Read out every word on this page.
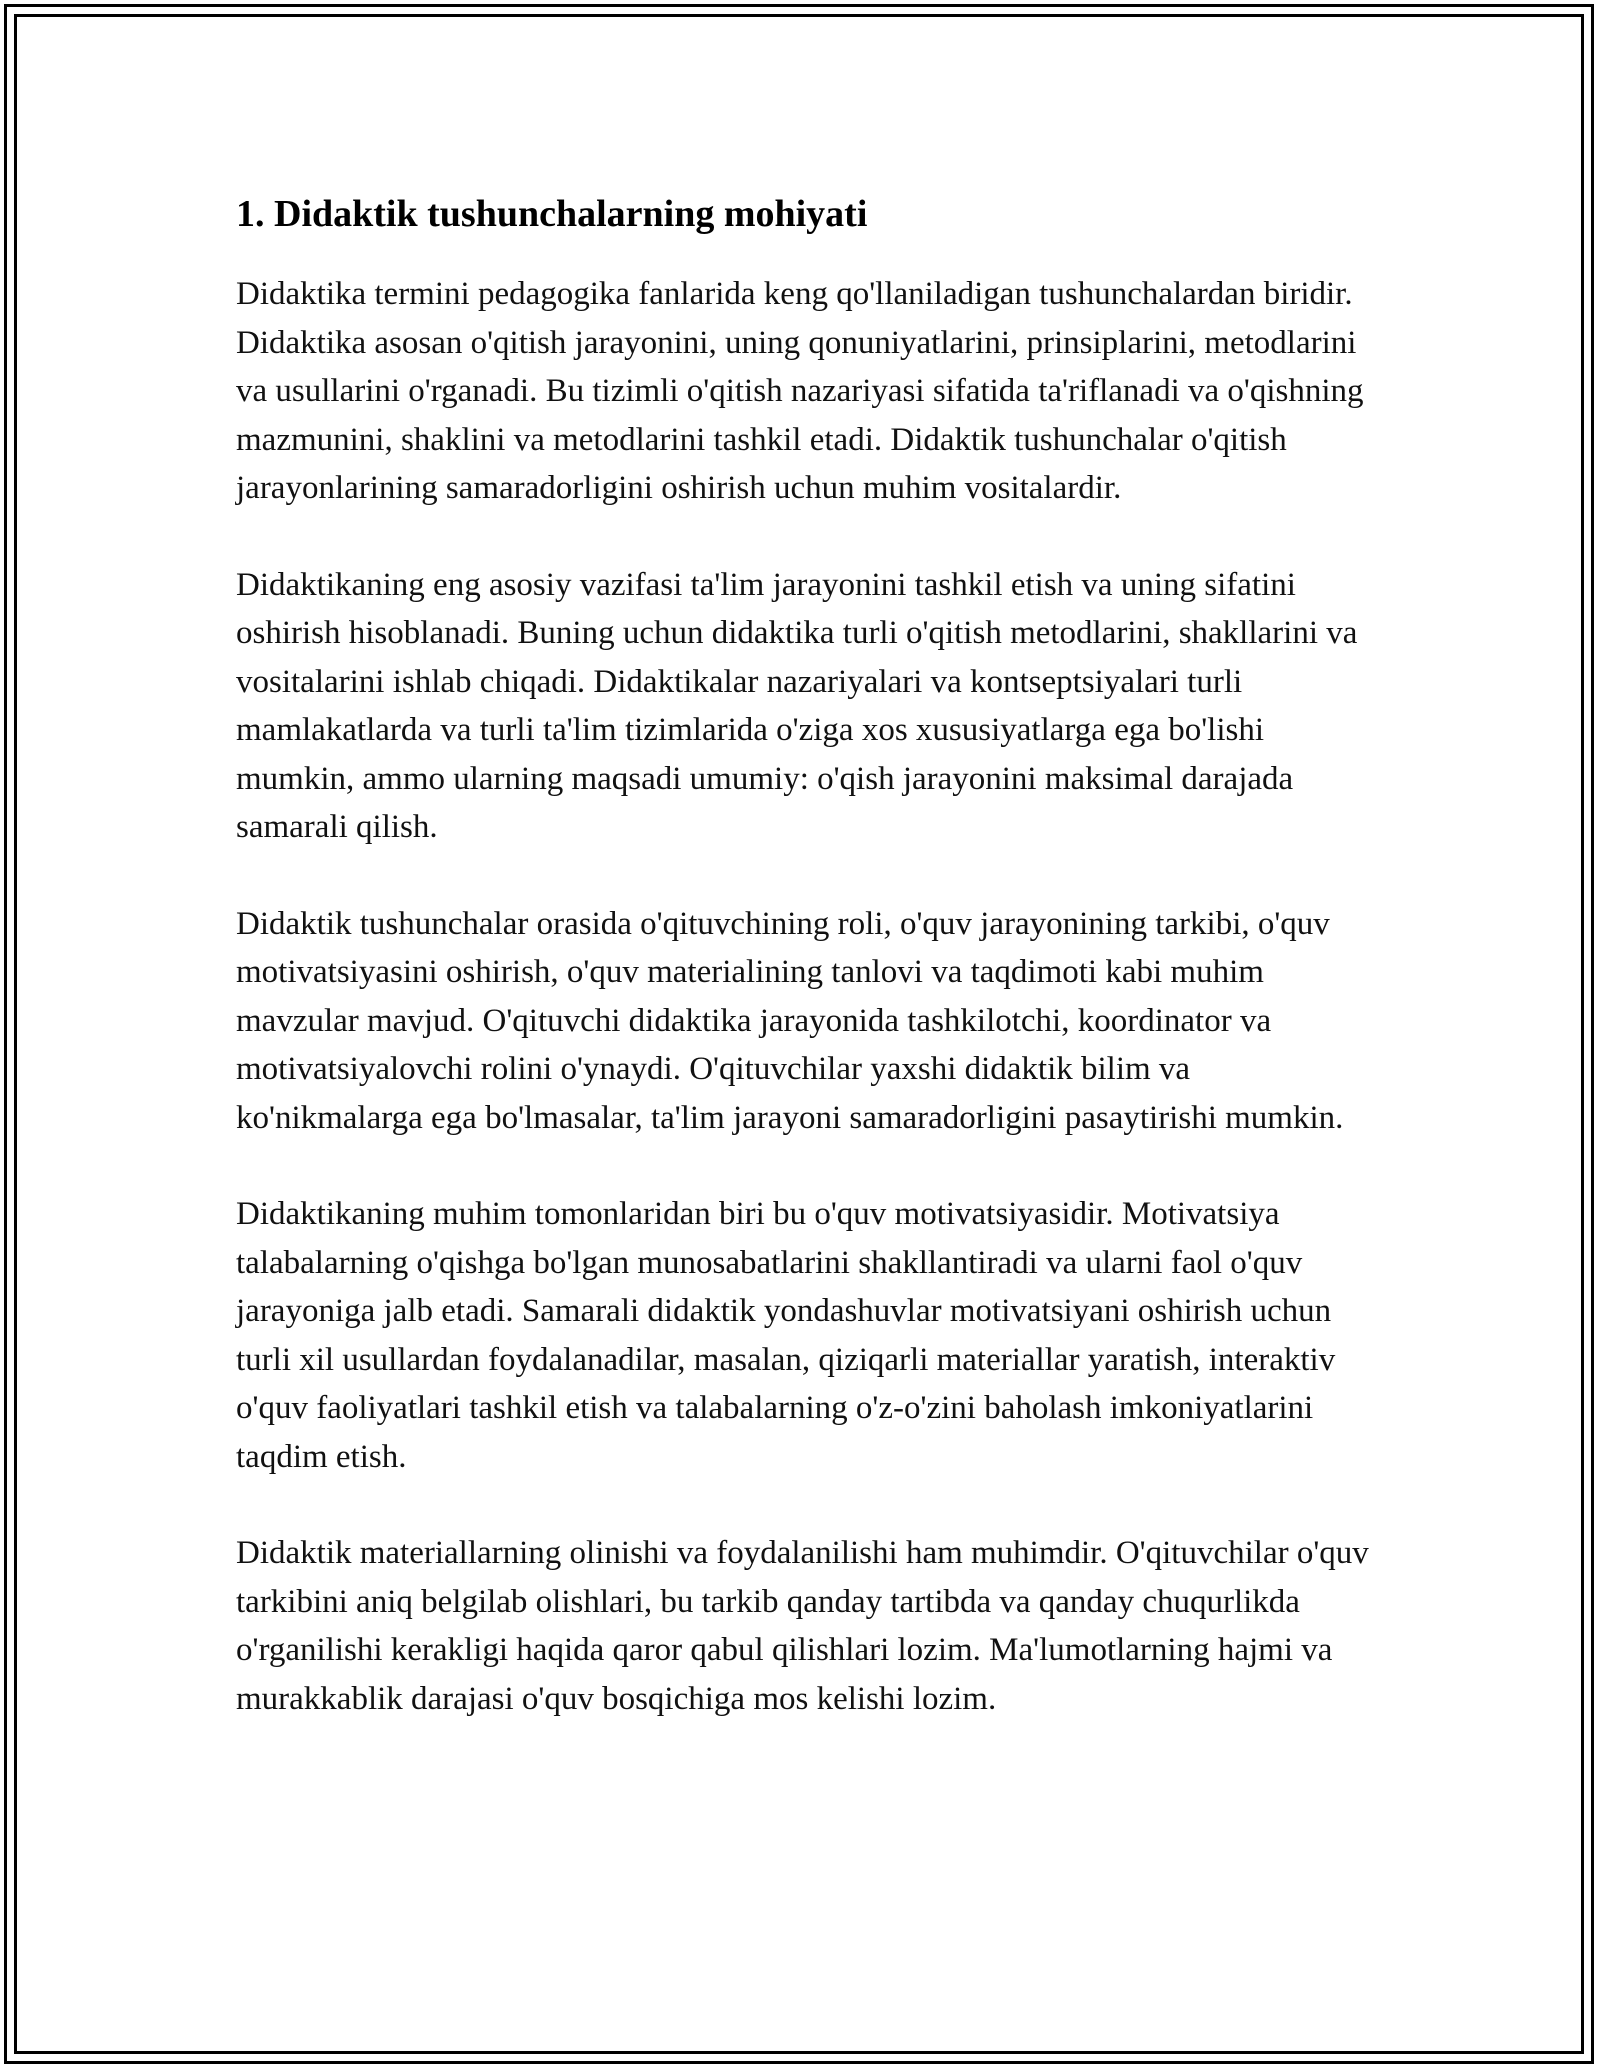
1. Didaktik tushunchalarning mohiyati

Didaktika termini pedagogika fanlarida keng qo'llaniladigan tushunchalardan biridir. Didaktika asosan o'qitish jarayonini, uning qonuniyatlarini, prinsiplarini, metodlarini va usullarini o'rganadi. Bu tizimli o'qitish nazariyasi sifatida ta'riflanadi va o'qishning mazmunini, shaklini va metodlarini tashkil etadi. Didaktik tushunchalar o'qitish jarayonlarining samaradorligini oshirish uchun muhim vositalardir.

Didaktikaning eng asosiy vazifasi ta'lim jarayonini tashkil etish va uning sifatini oshirish hisoblanadi. Buning uchun didaktika turli o'qitish metodlarini, shakllarini va vositalarini ishlab chiqadi. Didaktikalar nazariyalari va kontseptsiyalari turli mamlakatlarda va turli ta'lim tizimlarida o'ziga xos xususiyatlarga ega bo'lishi mumkin, ammo ularning maqsadi umumiy: o'qish jarayonini maksimal darajada samarali qilish.

Didaktik tushunchalar orasida o'qituvchining roli, o'quv jarayonining tarkibi, o'quv motivatsiyasini oshirish, o'quv materialining tanlovi va taqdimoti kabi muhim mavzular mavjud. O'qituvchi didaktika jarayonida tashkilotchi, koordinator va motivatsiyalovchi rolini o'ynaydi. O'qituvchilar yaxshi didaktik bilim va ko'nikmalarga ega bo'lmasalar, ta'lim jarayoni samaradorligini pasaytirishi mumkin.

Didaktikaning muhim tomonlaridan biri bu o'quv motivatsiyasidir. Motivatsiya talabalarning o'qishga bo'lgan munosabatlarini shakllantiradi va ularni faol o'quv jarayoniga jalb etadi. Samarali didaktik yondashuvlar motivatsiyani oshirish uchun turli xil usullardan foydalanadilar, masalan, qiziqarli materiallar yaratish, interaktiv o'quv faoliyatlari tashkil etish va talabalarning o'z-o'zini baholash imkoniyatlarini taqdim etish.

Didaktik materiallarning olinishi va foydalanilishi ham muhimdir. O'qituvchilar o'quv tarkibini aniq belgilab olishlari, bu tarkib qanday tartibda va qanday chuqurlikda o'rganilishi kerakligi haqida qaror qabul qilishlari lozim. Ma'lumotlarning hajmi va murakkablik darajasi o'quv bosqichiga mos kelishi lozim.
